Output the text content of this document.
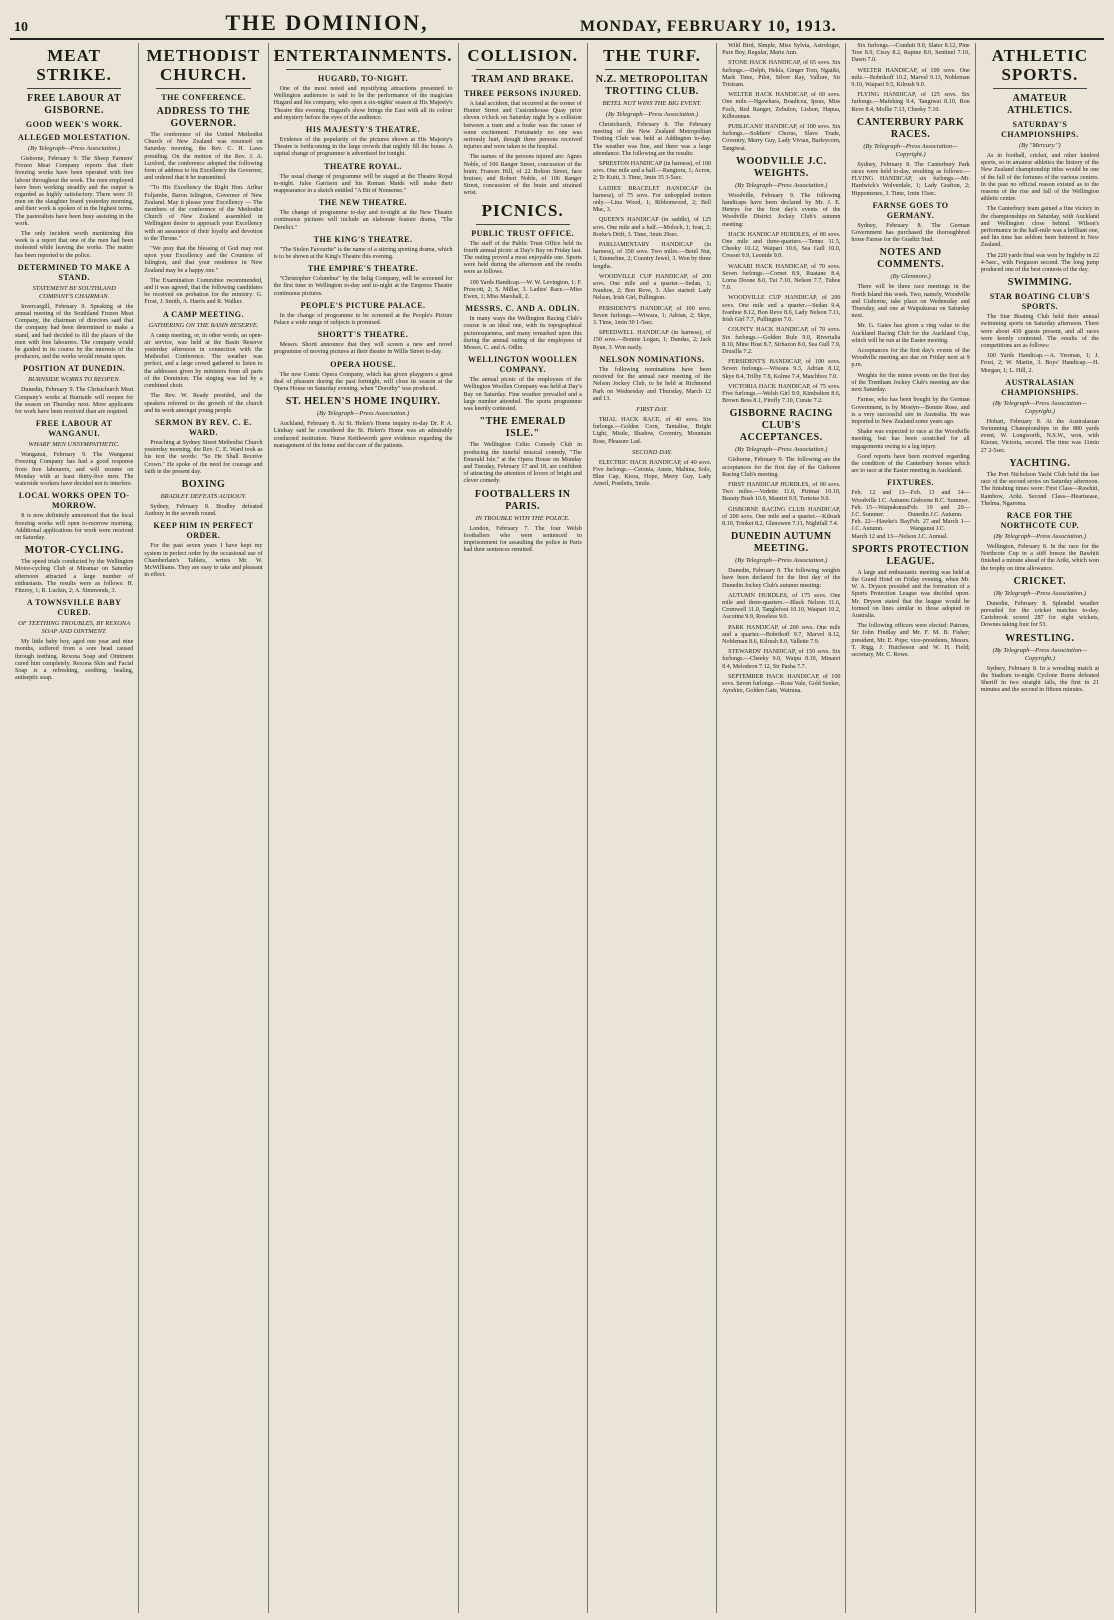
10	THE DOMINION,	MONDAY, FEBRUARY 10, 1913.
MEAT STRIKE.
FREE LABOUR AT GISBORNE.
GOOD WEEK'S WORK.
ALLEGED MOLESTATION.
(By Telegraph—Press Association.)

Gisborne, February 9. The Sheep Farmers' Frozen Meat Company reports that their freezing works have been operated with free labour throughout the week. The men employed have been working steadily and the output is regarded as highly satisfactory. There were 31 men on the slaughter board yesterday morning, and their work is spoken of in the highest terms. The pastoralists have been busy assisting in the work.

The only incident worth mentioning this week is a report that one of the men had been molested while leaving the works. The matter has been reported to the police.

DETERMINED TO MAKE A STAND.
STATEMENT BY SOUTHLAND COMPANY'S CHAIRMAN.

Invercargill, February 9. Speaking at the annual meeting of the Southland Frozen Meat Company, the chairman of directors said that the company had been determined to make a stand, and had decided to fill the places of the men with free labourers. The company would be guided in its course by the interests of the producers, and the works would remain open.

POSITION AT DUNEDIN.
BURNSIDE WORKS TO REOPEN.

Dunedin, February 9. The Christchurch Meat Company's works at Burnside will reopen for the season on Thursday next. More applicants for work have been received than are required.

FREE LABOUR AT WANGANUI.
WHARF MEN UNSYMPATHETIC.

Wanganui, February 9. The Wanganui Freezing Company has had a good response from free labourers, and will resume on Monday with at least thirty-five men. The waterside workers have decided not to interfere.

LOCAL WORKS OPEN TO-MORROW.

It is now definitely announced that the local freezing works will open to-morrow morning. Additional applications for work were received on Saturday.

MOTOR-CYCLING.

The speed trials conducted by the Wellington Motor-cycling Club at Miramar on Saturday afternoon attracted a large number of enthusiasts. The results were as follows: H. Fitzroy, 1; R. Luckin, 2; A. Simmonds, 3.

A TOWNSVILLE BABY CURED.
OF TEETHING TROUBLES, BY REXONA SOAP AND OINTMENT.

My little baby boy, aged one year and nine months, suffered from a sore head caused through teething. Rexona Soap and Ointment cured him completely. Rexona Skin and Facial Soap is a refreshing, soothing, healing, antiseptic soap.

METHODIST CHURCH.
THE CONFERENCE.
ADDRESS TO THE GOVERNOR.

The conference of the United Methodist Church of New Zealand was resumed on Saturday morning, the Rev. C. H. Laws presiding. On the motion of the Rev. J. A. Luxford, the conference adopted the following form of address to his Excellency the Governor, and ordered that it be transmitted.

"To His Excellency the Right Hon. Arthur Foljambe, Baron Islington, Governor of New Zealand. May it please your Excellency — The members of the conference of the Methodist Church of New Zealand assembled in Wellington desire to approach your Excellency with an assurance of their loyalty and devotion to the Throne."

"We pray that the blessing of God may rest upon your Excellency and the Countess of Islington, and that your residence in New Zealand may be a happy one."

The Examination Committee recommended, and it was agreed, that the following candidates be received on probation for the ministry: G. Frost, J. Smith, A. Harris and R. Walker.

A CAMP MEETING.
GATHERING ON THE BASIN RESERVE.

A camp meeting, or, in other words, an open-air service, was held at the Basin Reserve yesterday afternoon in connection with the Methodist Conference. The weather was perfect, and a large crowd gathered to listen to the addresses given by ministers from all parts of the Dominion. The singing was led by a combined choir.

The Rev. W. Ready presided, and the speakers referred to the growth of the church and its work amongst young people.

SERMON BY REV. C. E. WARD.

Preaching at Sydney Street Methodist Church yesterday morning, the Rev. C. E. Ward took as his text the words: "So He Shall Receive Crown." He spoke of the need for courage and faith in the present day.

BOXING
BRADLEY DEFEATS AUDOUY.

Sydney, February 8. Bradley defeated Audouy in the seventh round.

KEEP HIM IN PERFECT ORDER.

For the past seven years I have kept my system in perfect order by the occasional use of Chamberlain's Tablets, writes Mr. W. McWilliams. They are easy to take and pleasant in effect.

ENTERTAINMENTS.
HUGARD, TO-NIGHT.

One of the most noted and mystifying attractions presented to Wellington audiences is said to be the performance of the magician Hugard and his company, who open a six-nights' season at His Majesty's Theatre this evening. Hugard's show brings the East with all its colour and mystery before the eyes of the audience.

HIS MAJESTY'S THEATRE.

Evidence of the popularity of the pictures shown at His Majesty's Theatre is forthcoming in the large crowds that nightly fill the house. A capital change of programme is advertised for tonight.

THEATRE ROYAL.

The usual change of programme will be staged at the Theatre Royal to-night. Jules Garrison and his Roman Maids will make their reappearance in a sketch entitled "A Bit of Nonsense."

THE NEW THEATRE.

The change of programme to-day and to-night at the New Theatre continuous pictures will include an elaborate feature drama, "The Derelict."

THE KING'S THEATRE.

"The Stolen Favourite" is the name of a stirring sporting drama, which is to be shown at the King's Theatre this evening.

THE EMPIRE'S THEATRE.

"Christopher Columbus" by the Selig Company, will be screened for the first time in Wellington to-day and to-night at the Empress Theatre continuous pictures.

PEOPLE'S PICTURE PALACE.

In the change of programme to be screened at the People's Picture Palace a wide range of subjects is promised.

SHORTT'S THEATRE.

Messrs. Shortt announce that they will screen a new and novel programme of moving pictures at their theatre in Willis Street to-day.

OPERA HOUSE.

The new Comic Opera Company, which has given playgoers a great deal of pleasure during the past fortnight, will close its season at the Opera House on Saturday evening, when "Dorothy" was produced.

ST. HELEN'S HOME INQUIRY.
(By Telegraph—Press Association.)

Auckland, February 8. At St. Helen's Home inquiry to-day Dr. P. A. Lindsay said he considered the St. Helen's Home was an admirably conducted institution. Nurse Kettleworth gave evidence regarding the management of the home and the care of the patients.

COLLISION.
TRAM AND BRAKE.
THREE PERSONS INJURED.

A fatal accident, that occurred at the corner of Hunter Street and Customhouse Quay prior eleven o'clock on Saturday night by a collision between a tram and a brake was the cause of some excitement. Fortunately no one was seriously hurt, though three persons received injuries and were taken to the hospital.

The names of the persons injured are: Agnes Noble, of 106 Ranger Street, concussion of the brain; Frances Hill, of 22 Bolton Street, face bruises; and Robert Noble, of 106 Ranger Street, concussion of the brain and strained wrist.

PICNICS.
PUBLIC TRUST OFFICE.

The staff of the Public Trust Office held its fourth annual picnic at Day's Bay on Friday last. The outing proved a most enjoyable one. Sports were held during the afternoon and the results were as follows.

100 Yards Handicap.—W. W. Levington, 1; F. Prescott, 2; S. Millar, 3. Ladies' Race.—Miss Ewen, 1; Miss Marshall, 2.

MESSRS. C. AND A. ODLIN.

In many ways the Wellington Racing Club's course is an ideal one, with its topographical picturesqueness, and many remarked upon this during the annual outing of the employees of Messrs. C. and A. Odlin.

WELLINGTON WOOLLEN COMPANY.

The annual picnic of the employees of the Wellington Woollen Company was held at Day's Bay on Saturday. Fine weather prevailed and a large number attended. The sports programme was keenly contested.

"THE EMERALD ISLE."

The Wellington Celtic Comedy Club in producing the tuneful musical comedy, "The Emerald Isle," at the Opera House on Monday and Tuesday, February 17 and 18, are confident of attracting the attention of lovers of bright and clever comedy.

FOOTBALLERS IN PARIS.
IN TROUBLE WITH THE POLICE.

London, February 7. The four Welsh footballers who were sentenced to imprisonment for assaulting the police in Paris had their sentences remitted.

THE TURF.
N.Z. METROPOLITAN TROTTING CLUB.
BETEL NUT WINS THE BIG EVENT.
(By Telegraph—Press Association.)

Christchurch, February 8. The February meeting of the New Zealand Metropolitan Trotting Club was held at Addington to-day. The weather was fine, and there was a large attendance. The following are the results:

SPRESTON HANDICAP (in harness), of 100 sovs. One mile and a half.—Rangiora, 1; Acron, 2; Te Kuiti, 3. Time, 3min 35 3-5sec.

LADIES' BRACELET HANDICAP (in harness), of 75 sovs. For unhoppled trotters only.—Lina Wood, 1; Ribbonwood, 2; Bell Mac, 3.

QUEEN'S HANDICAP (in saddle), of 125 sovs. One mile and a half.—Moloch, 1; Ivan, 2; Rorke's Drift, 3. Time, 3min 29sec.

PARLIAMENTARY HANDICAP (in harness), of 350 sovs. Two miles.—Betel Nut, 1; Emmeline, 2; Country Jewel, 3. Won by three lengths.

WOODVILLE CUP HANDICAP, of 200 sovs. One mile and a quarter.—Sedan, 1; Ivanhoe, 2; Bon Reve, 3. Also started: Lady Nelson, Irish Girl, Pullington.

PERSIDENT'S HANDICAP, of 100 sovs. Seven furlongs.—Wiwara, 1; Adrian, 2; Skye, 3. Time, 1min 30 1-5sec.

SPEEDWELL HANDICAP (in harness), of 150 sovs.—Bonnie Logan, 1; Dundas, 2; Jack Ryan, 3. Won easily.

NELSON NOMINATIONS.

The following nominations have been received for the annual race meeting of the Nelson Jockey Club, to be held at Richmond Park on Wednesday and Thursday, March 12 and 13.

FIRST DAY.

TRIAL HACK RACE, of 40 sovs. Six furlongs.—Golden Corn, Tantalise, Bright Light, Mistle, Shadow, Coventry, Mountain Rose, Pleasure Lad.

SECOND DAY.

ELECTRIC HACK HANDICAP, of 40 sovs. Five furlongs.—Cetonia, Annie, Mahina, Solo, Blue Cap, Kiora, Hope, Merry Guy, Lady Arneil, Postletts, Smile.

Wild Bird, Simple, Miss Sylvia, Astrologer, Pure Boy, Regular, Marie Ann.

STONE HACK HANDICAP, of 65 sovs. Six furlongs.—Delph, Hekla, Ginger Tom, Ngatiki, Mark Time, Pilot, Silver Ray, Vallore, Sir Tristram.

WELTER HACK HANDICAP, of 60 sovs. One mile.—Ngawhara, Boadicea, Ipsus, Miss Foch, Red Ranger, Zebulon, Lisbon, Hapua, Kilbrannan.

PUBLICANS' HANDICAP, of 100 sovs. Six furlongs.—Soldiers' Chorus, Slave Trade, Coventry, Merry Guy, Lady Vivian, Barleycorn, Tangiwai.

WOODVILLE J.C. WEIGHTS.
(By Telegraph—Press Association.)

Woodville, February 9. The following handicaps have been declared by Mr. J. E. Henrys for the first day's events of the Woodville District Jockey Club's autumn meeting:

HACK HANDICAP HURDLES, of 80 sovs. One mile and three-quarters.—Tenno 11.5, Cheeky 10.12, Waipari 10.6, Sea Gull 10.0, Cresset 9.9, Leonide 9.0.

WAKARI HACK HANDICAP, of 70 sovs. Seven furlongs.—Cornet 8.9, Ruatane 8.4, Lorna Doone 8.0, Tui 7.10, Nelson 7.7, Tuhoe 7.0.

WOODVILLE CUP HANDICAP, of 200 sovs. One mile and a quarter.—Sedan 9.4, Ivanhoe 8.12, Bon Reve 8.6, Lady Nelson 7.11, Irish Girl 7.7, Pullington 7.0.

COUNTY HACK HANDICAP, of 70 sovs. Six furlongs.—Golden Rule 9.0, Rivertalia 8.10, Mine Host 8.7, Sirhazon 8.0, Sea Gull 7.9, Drusilla 7.2.

FERSIDENT'S HANDICAP, of 100 sovs. Seven furlongs.—Wiwara 9.3, Adrian 8.12, Skye 8.4, Trilby 7.8, Kolme 7.4, Matchbox 7.0.

VICTORIA HACK HANDICAP, of 75 sovs. Five furlongs.—Welsh Girl 9.0, Kimbolton 8.6, Brown Bess 8.1, Firefly 7.10, Curate 7.2.

GISBORNE RACING CLUB'S ACCEPTANCES.
(By Telegraph—Press Association.)

Gisborne, February 9. The following are the acceptances for the first day of the Gisborne Racing Club's meeting.

FIRST HANDICAP HURDLES, of 90 sovs. Two miles.—Vedette 11.0, Pirimai 10.10, Beauty Bush 10.0, Mauriri 9.9, Tortoise 9.0.

GISBORNE RACING CLUB HANDICAP, of 200 sovs. One mile and a quarter.—Kilrush 8.10, Trinket 8.2, Glenowen 7.11, Nightfall 7.4.

DUNEDIN AUTUMN MEETING.
(By Telegraph—Press Association.)

Dunedin, February 8. The following weights have been declared for the first day of the Dunedin Jockey Club's autumn meeting:

AUTUMN HURDLES, of 175 sovs. One mile and three-quarters.—Black Nelson 11.6, Cromwell 11.0, Tanglefoot 10.10, Waipari 10.2, Ascotine 9.9, Roseless 9.0.

PARK HANDICAP, of 200 sovs. One mile and a quarter.—Bobrikoff 9.7, Marvel 8.12, Nobleman 8.6, Kilrush 8.0, Vallette 7.9.

STEWARDS' HANDICAP, of 150 sovs. Six furlongs.—Cheeky 9.0, Waipu 8.10, Minaret 8.4, Melodeon 7.12, Sir Pasha 7.7.

SEPTEMBER HACK HANDICAP, of 100 sovs. Seven furlongs.—Rose Vale, Gold Seeker, Ayrshire, Golden Gate, Wairuna.

Six furlongs.—Conduit 9.0, Slater 8.12, Pine Tree 8.9, Cissy 8.2, Rapine 8.0, Sentinel 7.10, Dawn 7.0.

WELTER HANDICAP, of 100 sovs. One mile.—Bobrikoff 10.2, Marvel 9.13, Nobleman 9.10, Waipari 9.5, Kilrush 9.0.

FLYING HANDICAP, of 125 sovs. Six furlongs.—Mafeking 9.4, Tangiwai 8.10, Bon Reve 8.4, Mollie 7.13, Cheeky 7.10.

CANTERBURY PARK RACES.
(By Telegraph—Press Association—Copyright.)

Sydney, February 8. The Canterbury Park races were held to-day, resulting as follows:—FLYING HANDICAP, six furlongs.—Mr. Hardwick's Wolverdale, 1; Lady Grafton, 2; Hippomenes, 3. Time, 1min 15sec.

FARNSE GOES TO GERMANY.

Sydney, February 8. The German Government has purchased the thoroughbred horse Farnse for the Graditz Stud.

NOTES AND COMMENTS.
(By Glenmore.)

There will be three race meetings in the North Island this week. Two, namely, Woodville and Gisborne, take place on Wednesday and Thursday, and one at Waipukurau on Saturday next.

Mr. G. Gates has given a ring value to the Auckland Racing Club for the Auckland Cup, which will be run at the Easter meeting.

Acceptances for the first day's events of the Woodville meeting are due on Friday next at 9 p.m.

Weights for the minor events on the first day of the Trentham Jockey Club's meeting are due next Saturday.

Farnse, who has been bought by the German Government, is by Mostyn—Bonnie Rose, and is a very successful sire in Australia. He was imported to New Zealand some years ago.

Shake was expected to race at the Woodville meeting, but has been scratched for all engagements owing to a leg injury.

Good reports have been received regarding the condition of the Canterbury horses which are to race at the Easter meeting in Auckland.

FIXTURES.
Feb. 12 and 13—Woodville J.C. Autumn.
Feb. 13 and 14—Gisborne R.C. Summer.
Feb. 15—Waipukurau J.C. Summer.
Feb. 19 and 20—Dunedin J.C. Autumn.
Feb. 22—Hawke's Bay J.C. Autumn.
Feb. 27 and March 1—Wanganui J.C.
March 12 and 13—Nelson J.C. Annual.
SPORTS PROTECTION LEAGUE.

A large and enthusiastic meeting was held at the Grand Hotel on Friday evening, when Mr. W. A. Dryson presided and the formation of a Sports Protection League was decided upon. Mr. Dryson stated that the league would be formed on lines similar to those adopted in Australia.

The following officers were elected: Patrons, Sir John Findlay and Mr. F. M. B. Fisher; president, Mr. E. Pope; vice-presidents, Messrs. T. Rigg, J. Hutcheson and W. H. Field; secretary, Mr. C. Rowe.

ATHLETIC SPORTS.
AMATEUR ATHLETICS.
SATURDAY'S CHAMPIONSHIPS.
(By "Mercury.")

As in football, cricket, and other kindred sports, so in amateur athletics the history of the New Zealand championship titles would be one of the fall of the fortunes of the various centres. In the past no official reason existed as to the reasons of the rise and fall of the Wellington athletic centre.

The Canterbury team gained a fine victory in the championships on Saturday, with Auckland and Wellington close behind. Wilson's performance in the half-mile was a brilliant one, and his time has seldom been bettered in New Zealand.

The 220 yards final was won by Ingleby in 22 4-5sec., with Ferguson second. The long jump produced one of the best contests of the day.

SWIMMING.
STAR BOATING CLUB'S SPORTS.

The Star Boating Club held their annual swimming sports on Saturday afternoon. There were about 430 guests present, and all races were keenly contested. The results of the competitions are as follows:

100 Yards Handicap.—A. Yeoman, 1; J. Frost, 2; W. Martin, 3. Boys' Handicap.—H. Morgan, 1; L. Hill, 2.

AUSTRALASIAN CHAMPIONSHIPS.
(By Telegraph—Press Association—Copyright.)

Hobart, February 8. At the Australasian Swimming Championships in the 880 yards event, W. Longworth, N.S.W., won, with Kieran, Victoria, second. The time was 11min 27 2-5sec.

YACHTING.

The Port Nicholson Yacht Club held the last race of the second series on Saturday afternoon. The finishing times were: First Class—Rawhiti, Rainbow, Ariki. Second Class—Heartsease, Thelma, Ngaroma.

RACE FOR THE NORTHCOTE CUP.
(By Telegraph—Press Association.)

Wellington, February 8. In the race for the Northcote Cup in a stiff breeze the Rawhiti finished a minute ahead of the Ariki, which won the trophy on time allowance.

CRICKET.
(By Telegraph—Press Association.)

Dunedin, February 8. Splendid weather prevailed for the cricket matches to-day. Carisbrook scored 287 for eight wickets, Downes taking four for 53.

WRESTLING.
(By Telegraph—Press Association—Copyright.)

Sydney, February 8. In a wrestling match at the Stadium to-night Cyclone Burns defeated Sheriff in two straight falls, the first in 21 minutes and the second in fifteen minutes.
